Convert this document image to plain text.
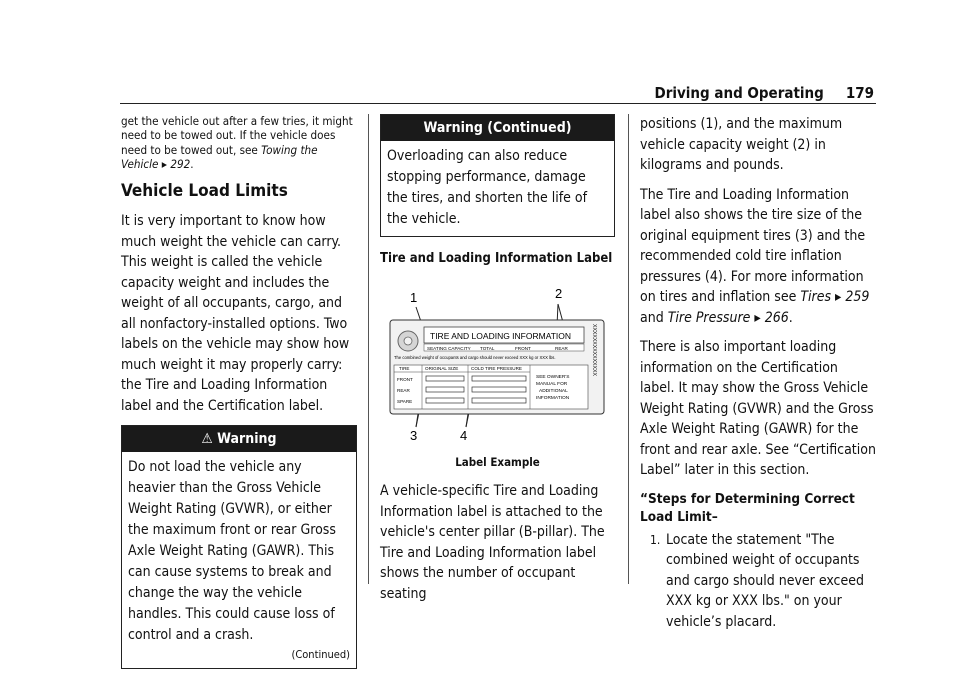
Driving and Operating 179

get the vehicle out after a few tries, it might need to be towed out. If the vehicle does need to be towed out, see Towing the Vehicle ▸ 292.

Vehicle Load Limits

It is very important to know how much weight the vehicle can carry. This weight is called the vehicle capacity weight and includes the weight of all occupants, cargo, and all nonfactory-installed options. Two labels on the vehicle may show how much weight it may properly carry: the Tire and Loading Information label and the Certification label.

⚠ Warning
Do not load the vehicle any heavier than the Gross Vehicle Weight Rating (GVWR), or either the maximum front or rear Gross Axle Weight Rating (GAWR). This can cause systems to break and change the way the vehicle handles. This could cause loss of control and a crash.
(Continued)
Warning (Continued)
Overloading can also reduce stopping performance, damage the tires, and shorten the life of the vehicle.
Tire and Loading Information Label
1	2
3	4
TIRE AND LOADING INFORMATION
SEATING CAPACITY TOTAL	FRONT	REAR
The combined weight of occupants and cargo should never exceed XXX kg or XXX lbs.
TIRE	ORIGINAL SIZE	COLD TIRE PRESSURE
FRONT
REAR
SPARE
SEE OWNER'S
MANUAL FOR
ADDITIONAL
INFORMATION
XXXXXXXXXXXXXXX
Label Example

A vehicle-specific Tire and Loading Information label is attached to the vehicle's center pillar (B-pillar). The Tire and Loading Information label shows the number of occupant seating

positions (1), and the maximum vehicle capacity weight (2) in kilograms and pounds.

The Tire and Loading Information label also shows the tire size of the original equipment tires (3) and the recommended cold tire inflation pressures (4). For more information on tires and inflation see Tires ▸ 259 and Tire Pressure ▸ 266.

There is also important loading information on the Certification label. It may show the Gross Vehicle Weight Rating (GVWR) and the Gross Axle Weight Rating (GAWR) for the front and rear axle. See “Certification Label” later in this section.

“Steps for Determining Correct Load Limit–
1. Locate the statement "The combined weight of occupants and cargo should never exceed XXX kg or XXX lbs." on your vehicle’s placard.
